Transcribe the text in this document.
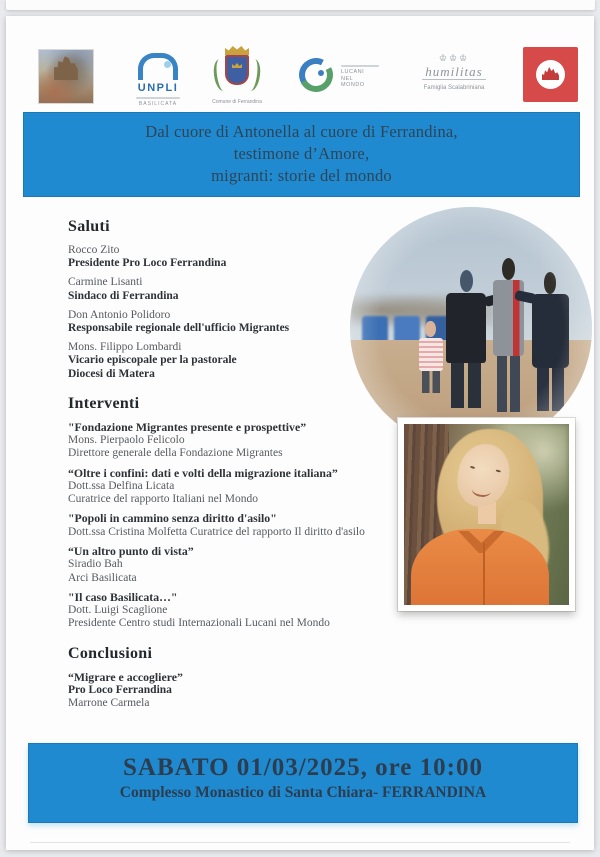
UNPLI
BASILICATA	Comune di Ferrandina
LUCANI
NEL
MONDO
♔♔♔
humilitas
Famiglia Scalabriniana
Dal cuore di Antonella al cuore di Ferrandina,
testimone d’Amore,
migranti: storie del mondo
Saluti
Rocco Zito
Presidente Pro Loco Ferrandina
Carmine Lisanti
Sindaco di Ferrandina
Don Antonio Polidoro
Responsabile regionale dell'ufficio Migrantes
Mons. Filippo Lombardi
Vicario episcopale per la pastorale
Diocesi di Matera
Interventi
"Fondazione Migrantes presente e prospettive”
Mons. Pierpaolo Felicolo
Direttore generale della Fondazione Migrantes
“Oltre i confini: dati e volti della migrazione italiana”
Dott.ssa Delfina Licata
Curatrice del rapporto Italiani nel Mondo
"Popoli in cammino senza diritto d'asilo"
Dott.ssa Cristina Molfetta Curatrice del rapporto Il diritto d'asilo
“Un altro punto di vista”
Siradio Bah
Arci Basilicata
"Il caso Basilicata…"
Dott. Luigi Scaglione
Presidente Centro studi Internazionali Lucani nel Mondo
Conclusioni
“Migrare e accogliere”
Pro Loco Ferrandina
Marrone Carmela
SABATO 01/03/2025, ore 10:00
Complesso Monastico di Santa Chiara- FERRANDINA
